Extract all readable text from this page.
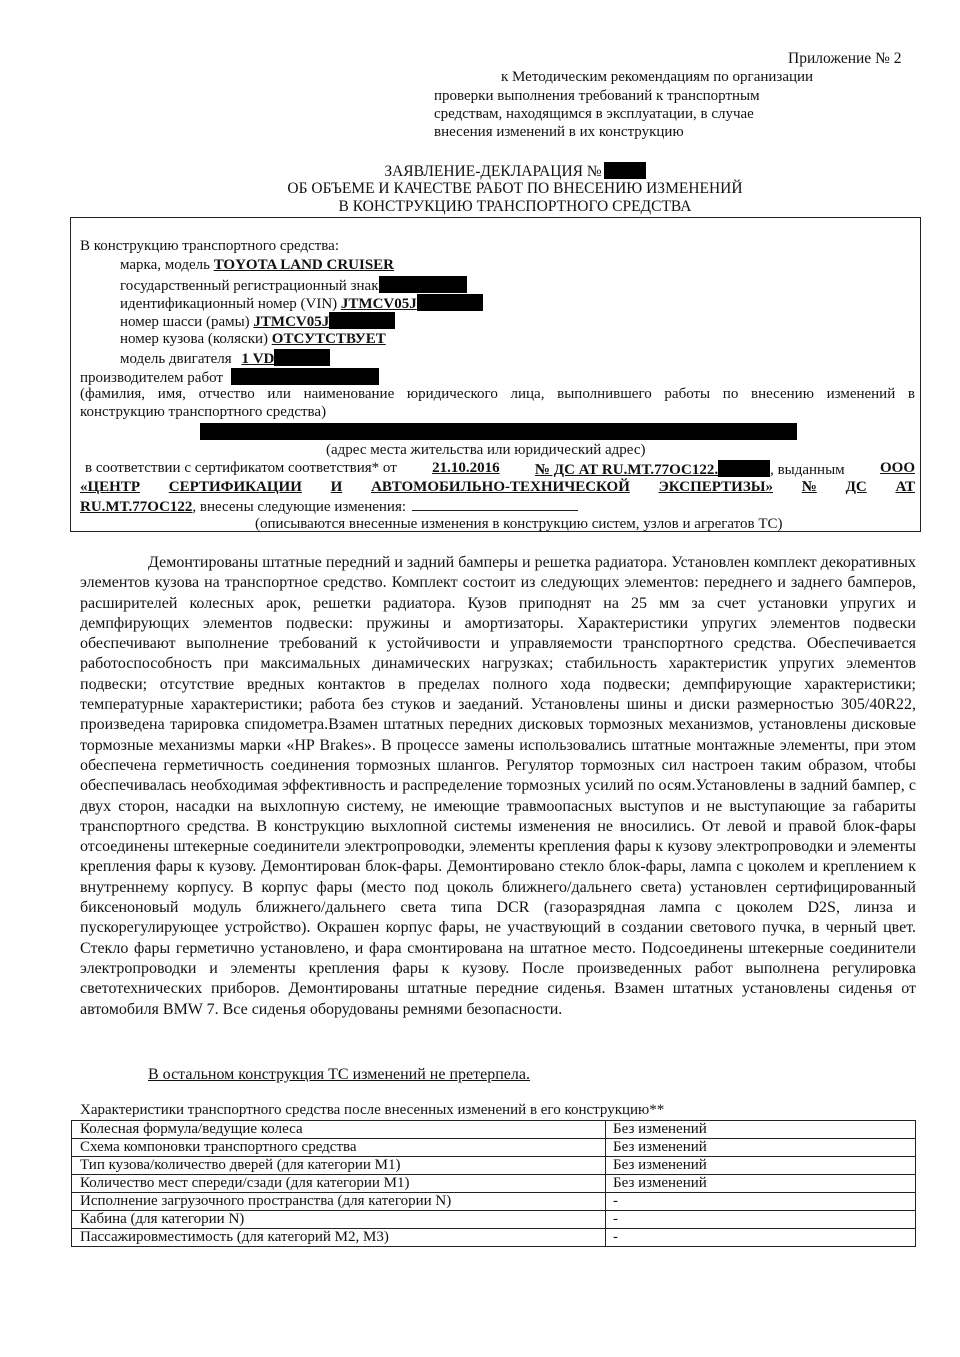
Приложение № 2
к Методическим рекомендациям по организации
проверки выполнения требований к транспортным
средствам, находящимся в эксплуатации, в случае
внесения изменений в их конструкцию
ЗАЯВЛЕНИЕ-ДЕКЛАРАЦИЯ №
ОБ ОБЪЕМЕ И КАЧЕСТВЕ РАБОТ ПО ВНЕСЕНИЮ ИЗМЕНЕНИЙ
В КОНСТРУКЦИЮ ТРАНСПОРТНОГО СРЕДСТВА
В конструкцию транспортного средства:
марка, модель TOYOTA LAND CRUISER
государственный регистрационный знак
идентификационный номер (VIN) JTMCV05J
номер шасси (рамы) JTMCV05J
номер кузова (коляски) ОТСУТСТВУЕТ
модель двигателя 1 VD
производителем работ
(фамилия, имя, отчество или наименование юридического лица, выполнившего работы по внесению изменений в
конструкцию транспортного средства)
(адрес места жительства или юридический адрес)
в соответствии с сертификатом соответствия* от 21.10.2016 № ДС АТ RU.MT.77ОС122.	, выданным ООО
«ЦЕНТР СЕРТИФИКАЦИИ И АВТОМОБИЛЬНО-ТЕХНИЧЕСКОЙ ЭКСПЕРТИЗЫ» № ДС АТ
RU.MT.77ОС122, внесены следующие изменения:
(описываются внесенные изменения в конструкцию систем, узлов и агрегатов ТС)

Демонтированы штатные передний и задний бамперы и решетка радиатора. Установлен комплект декоративных элементов кузова на транспортное средство. Комплект состоит из следующих элементов: переднего и заднего бамперов, расширителей колесных арок, решетки радиатора. Кузов приподнят на 25 мм за счет установки упругих и демпфирующих элементов подвески: пружины и амортизаторы. Характеристики упругих элементов подвески обеспечивают выполнение требований к устойчивости и управляемости транспортного средства. Обеспечивается работоспособность при максимальных динамических нагрузках; стабильность характеристик упругих элементов подвески; отсутствие вредных контактов в пределах полного хода подвески; демпфирующие характеристики; температурные характеристики; работа без стуков и заеданий. Установлены шины и диски размерностью 305/40R22, произведена тарировка спидометра.Взамен штатных передних дисковых тормозных механизмов, установлены дисковые тормозные механизмы марки «HP Brakes». В процессе замены использовались штатные монтажные элементы, при этом обеспечена герметичность соединения тормозных шлангов. Регулятор тормозных сил настроен таким образом, чтобы обеспечивалась необходимая эффективность и распределение тормозных усилий по осям.Установлены в задний бампер, с двух сторон, насадки на выхлопную систему, не имеющие травмоопасных выступов и не выступающие за габариты транспортного средства. В конструкцию выхлопной системы изменения не вносились. От левой и правой блок-фары отсоединены штекерные соединители электропроводки, элементы крепления фары к кузову электропроводки и элементы крепления фары к кузову. Демонтирован блок-фары. Демонтировано стекло блок-фары, лампа с цоколем и креплением к внутреннему корпусу. В корпус фары (место под цоколь ближнего/дальнего света) установлен сертифицированный биксеноновый модуль ближнего/дальнего света типа DCR (газоразрядная лампа с цоколем D2S, линза и пускорегулирующее устройство). Окрашен корпус фары, не участвующий в создании светового пучка, в черный цвет. Стекло фары герметично установлено, и фара смонтирована на штатное место. Подсоединены штекерные соединители электропроводки и элементы крепления фары к кузову. После произведенных работ выполнена регулировка светотехнических приборов. Демонтированы штатные передние сиденья. Взамен штатных установлены сиденья от автомобиля BMW 7. Все сиденья оборудованы ремнями безопасности.

В остальном конструкция ТС изменений не претерпела.
Характеристики транспортного средства после внесенных изменений в его конструкцию**
Колесная формула/ведущие колеса	Без изменений
Схема компоновки транспортного средства	Без изменений
Тип кузова/количество дверей (для категории М1)	Без изменений
Количество мест спереди/сзади (для категории М1)	Без изменений
Исполнение загрузочного пространства (для категории N)	-
Кабина (для категории N)	-
Пассажировместимость (для категорий М2, М3)	-
